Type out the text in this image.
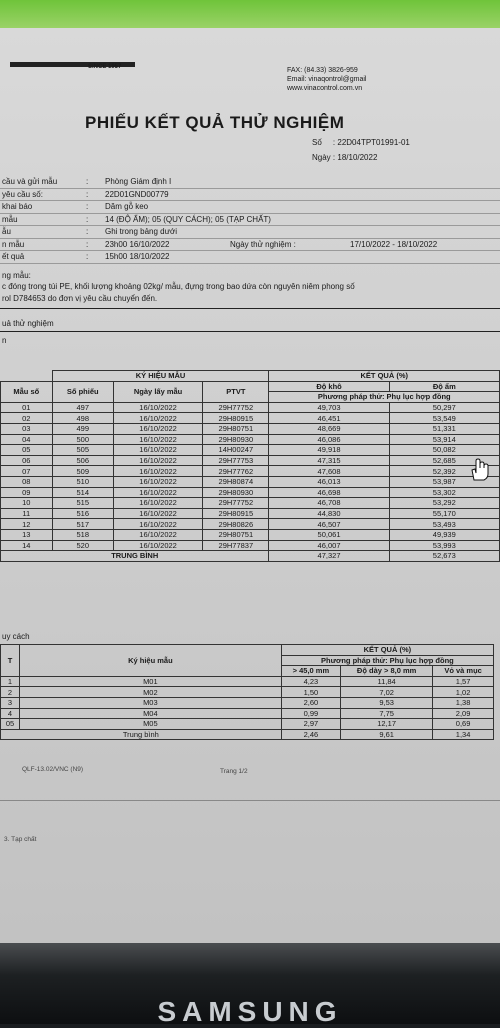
SINCE 1957	FAX: (84.33) 3826-959
Email: vinaqontrol@gmail
www.vinacontrol.com.vn
PHIẾU KẾT QUẢ THỬ NGHIỆM
Số : 22D04TPT01991-01
Ngày : 18/10/2022
cầu và gửi mẫu	: Phòng Giám định I
yêu cầu số:	: 22D01GND00779
khai báo	: Dăm gỗ keo
mẫu	: 14 (ĐỘ ẨM); 05 (QUY CÁCH); 05 (TẠP CHẤT)
ẫu	: Ghi trong bảng dưới
n mẫu	: 23h00 16/10/2022	Ngày thử nghiệm :	17/10/2022 - 18/10/2022
ết quả	: 15h00 18/10/2022
ng mẫu:
c đóng trong túi PE, khối lượng khoảng 02kg/ mẫu, đựng trong bao dứa còn nguyên niêm phong số
rol D784653 do đơn vị yêu cầu chuyển đến.
uả thử nghiệm
n
	KÝ HIỆU MẪU			KẾT QUẢ (%)	
Mẫu số	Số phiếu	Ngày lấy mẫu	PTVT	Độ khô	Độ ẩm
				Phương pháp thử: Phụ lục hợp đồng	
01	497	16/10/2022	29H77752	49,703	50,297
02	498	16/10/2022	29H80915	46,451	53,549
03	499	16/10/2022	29H80751	48,669	51,331
04	500	16/10/2022	29H80930	46,086	53,914
05	505	16/10/2022	14H00247	49,918	50,082
06	506	16/10/2022	29H77753	47,315	52,685
07	509	16/10/2022	29H77762	47,608	52,392
08	510	16/10/2022	29H80874	46,013	53,987
09	514	16/10/2022	29H80930	46,698	53,302
10	515	16/10/2022	29H77752	46,708	53,292
11	516	16/10/2022	29H80915	44,830	55,170
12	517	16/10/2022	29H80826	46,507	53,493
13	518	16/10/2022	29H80751	50,061	49,939
14	520	16/10/2022	29H77837	46,007	53,993
TRUNG BÌNH				47,327	52,673
uy cách
T	Ký hiệu mẫu	KẾT QUẢ (%)		
		Phương pháp thử: Phụ lục hợp đồng		
		> 45,0 mm	Độ dày > 8,0 mm	Vỏ và mục
1	M01	4,23	11,84	1,57
2	M02	1,50	7,02	1,02
3	M03	2,60	9,53	1,38
4	M04	0,99	7,75	2,09
05	M05	2,97	12,17	0,69
Trung bình		2,46	9,61	1,34
QLF-13.02/VNC (N9)	Trang 1/2
3. Tạp chất
SAMSUNG
